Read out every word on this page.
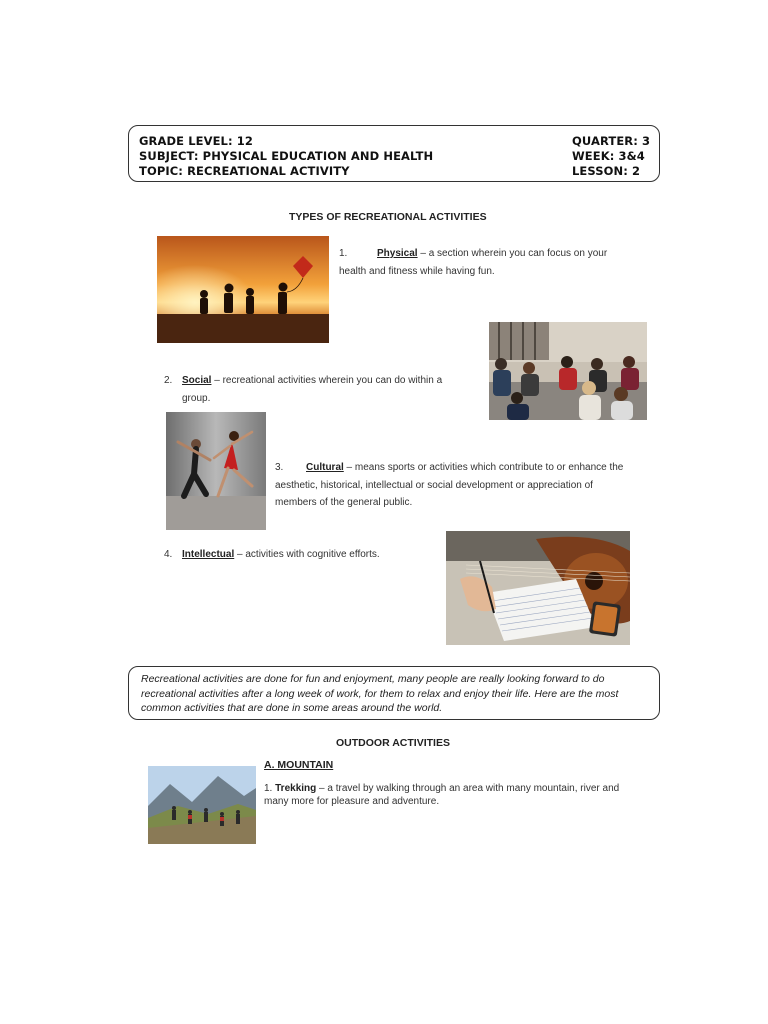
GRADE LEVEL: 12
SUBJECT: PHYSICAL EDUCATION AND HEALTH
TOPIC: RECREATIONAL ACTIVITY
QUARTER: 3
WEEK: 3&4
LESSON: 2
TYPES OF RECREATIONAL ACTIVITIES
1.	Physical – a section wherein you can focus on your
health and fitness while having fun.
2. Social – recreational activities wherein you can do within a
group.
3. Cultural – means sports or activities which contribute to or enhance the
aesthetic, historical, intellectual or social development or appreciation of
members of the general public.
4. Intellectual – activities with cognitive efforts.
Recreational activities are done for fun and enjoyment, many people are really looking forward to do recreational activities after a long week of work, for them to relax and enjoy their life. Here are the most common activities that are done in some areas around the world.
OUTDOOR ACTIVITIES
A. MOUNTAIN
1. Trekking – a travel by walking through an area with many mountain, river and
many more for pleasure and adventure.
